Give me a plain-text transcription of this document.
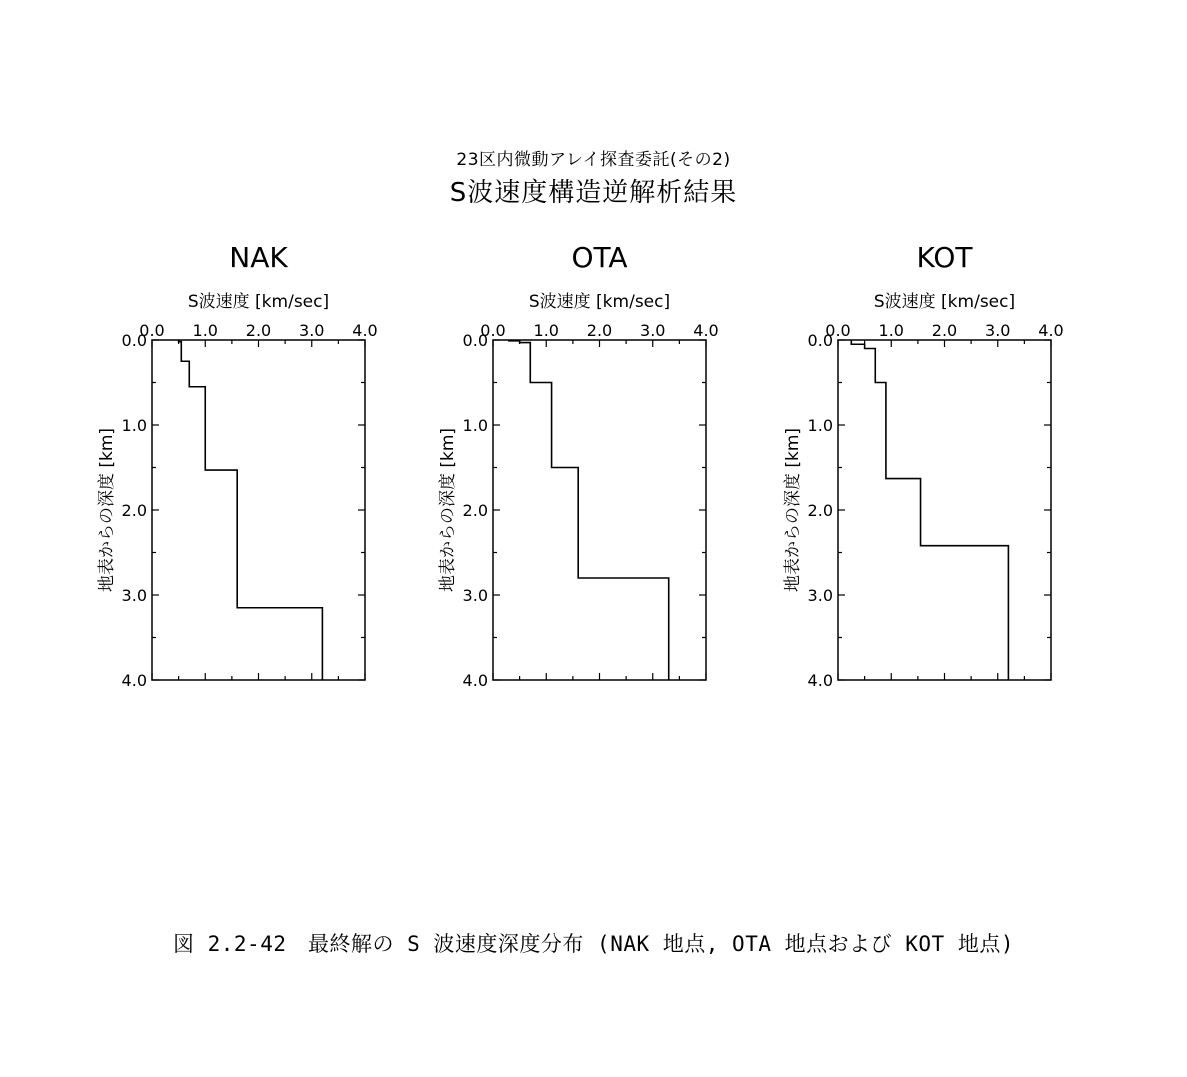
23区内微動アレイ探査委託(その2)
S波速度構造逆解析結果
NAK
S波速度 [km/sec]
地表からの深度 [km]
0.0 1.0 2.0 3.0 4.0
0.0
1.0
2.0
3.0
4.0
OTA
S波速度 [km/sec]
地表からの深度 [km]
0.0 1.0 2.0 3.0 4.0
0.0
1.0
2.0
3.0
4.0
KOT
S波速度 [km/sec]
地表からの深度 [km]
0.0 1.0 2.0 3.0 4.0
0.0
1.0
2.0
3.0
4.0
図 2.2-42　最終解の S 波速度深度分布 (NAK 地点, OTA 地点および KOT 地点)
